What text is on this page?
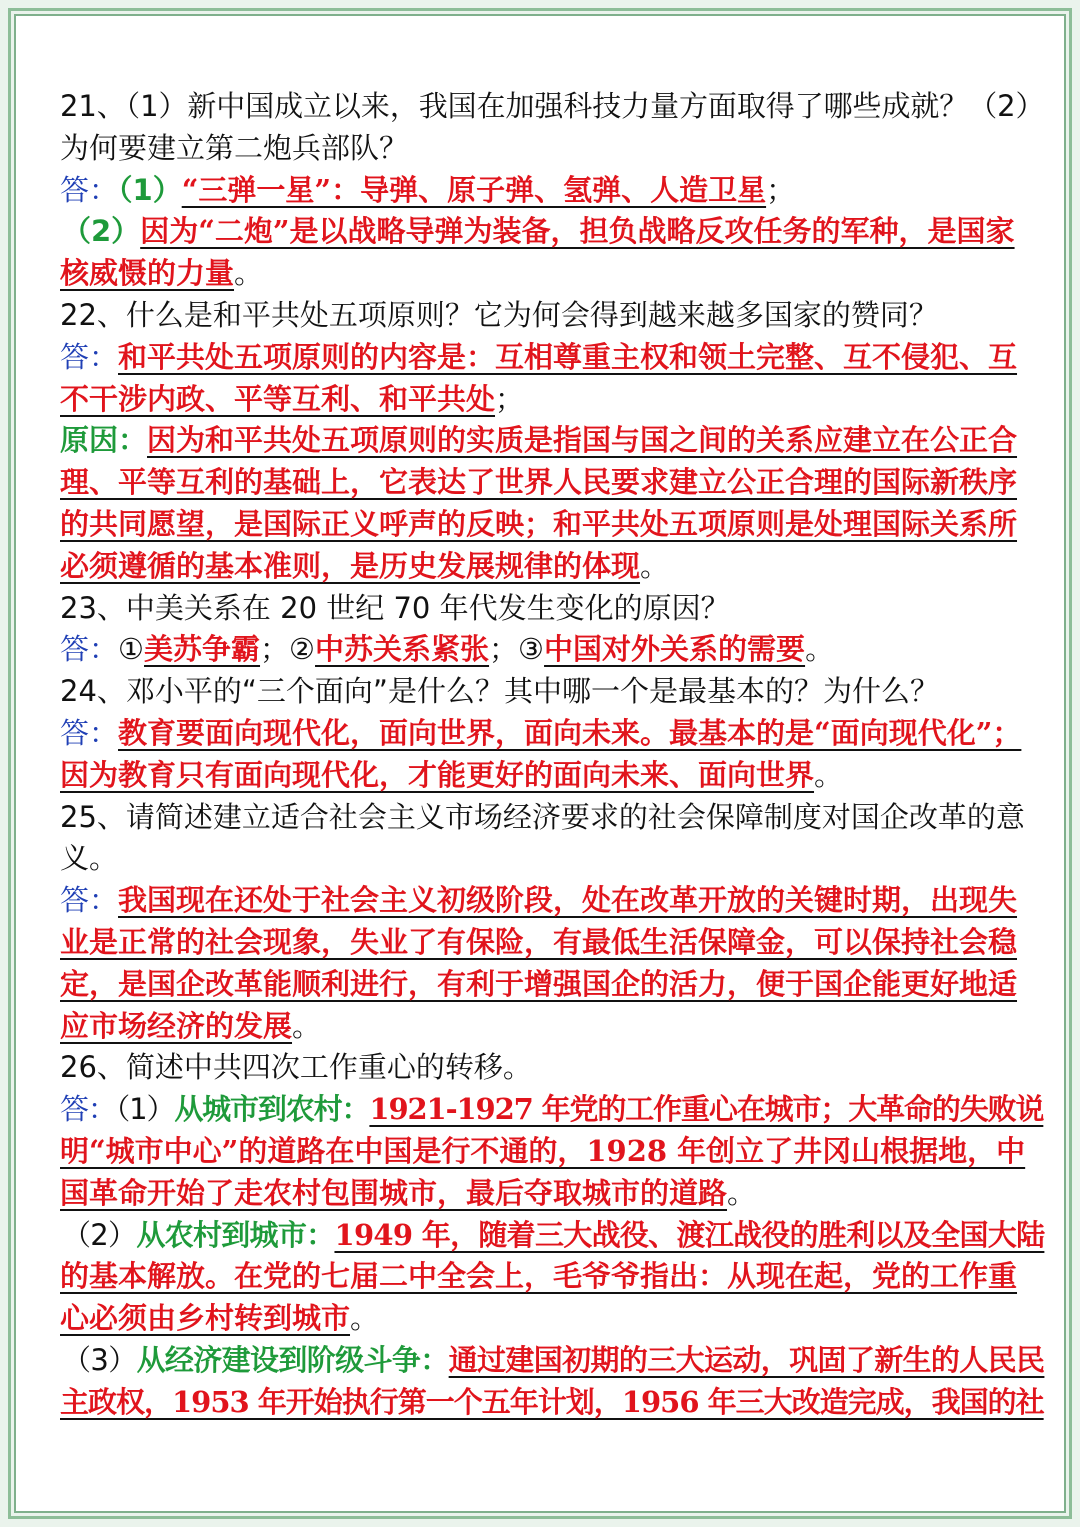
21、（1）新中国成立以来，我国在加强科技力量方面取得了哪些成就？（2）
为何要建立第二炮兵部队？
答：（1）“三弹一星”：导弹、原子弹、氢弹、人造卫星；
（2）因为“二炮”是以战略导弹为装备，担负战略反攻任务的军种，是国家
核威慑的力量。
22、什么是和平共处五项原则？它为何会得到越来越多国家的赞同？
答：和平共处五项原则的内容是：互相尊重主权和领土完整、互不侵犯、互
不干涉内政、平等互利、和平共处；
原因：因为和平共处五项原则的实质是指国与国之间的关系应建立在公正合
理、平等互利的基础上，它表达了世界人民要求建立公正合理的国际新秩序
的共同愿望，是国际正义呼声的反映；和平共处五项原则是处理国际关系所
必须遵循的基本准则，是历史发展规律的体现。
23、中美关系在 20 世纪 70 年代发生变化的原因？
答：①美苏争霸；②中苏关系紧张；③中国对外关系的需要。
24、邓小平的“三个面向”是什么？其中哪一个是最基本的？为什么？
答：教育要面向现代化，面向世界，面向未来。最基本的是“面向现代化”；
因为教育只有面向现代化，才能更好的面向未来、面向世界。
25、请简述建立适合社会主义市场经济要求的社会保障制度对国企改革的意
义。
答：我国现在还处于社会主义初级阶段，处在改革开放的关键时期，出现失
业是正常的社会现象，失业了有保险，有最低生活保障金，可以保持社会稳
定，是国企改革能顺利进行，有利于增强国企的活力，便于国企能更好地适
应市场经济的发展。
26、简述中共四次工作重心的转移。
答：（1）从城市到农村：1921-1927 年党的工作重心在城市；大革命的失败说
明“城市中心”的道路在中国是行不通的，1928 年创立了井冈山根据地，中
国革命开始了走农村包围城市，最后夺取城市的道路。
（2）从农村到城市：1949 年，随着三大战役、渡江战役的胜利以及全国大陆
的基本解放。在党的七届二中全会上，毛爷爷指出：从现在起，党的工作重
心必须由乡村转到城市。
（3）从经济建设到阶级斗争：通过建国初期的三大运动，巩固了新生的人民民
主政权，1953 年开始执行第一个五年计划，1956 年三大改造完成，我国的社
